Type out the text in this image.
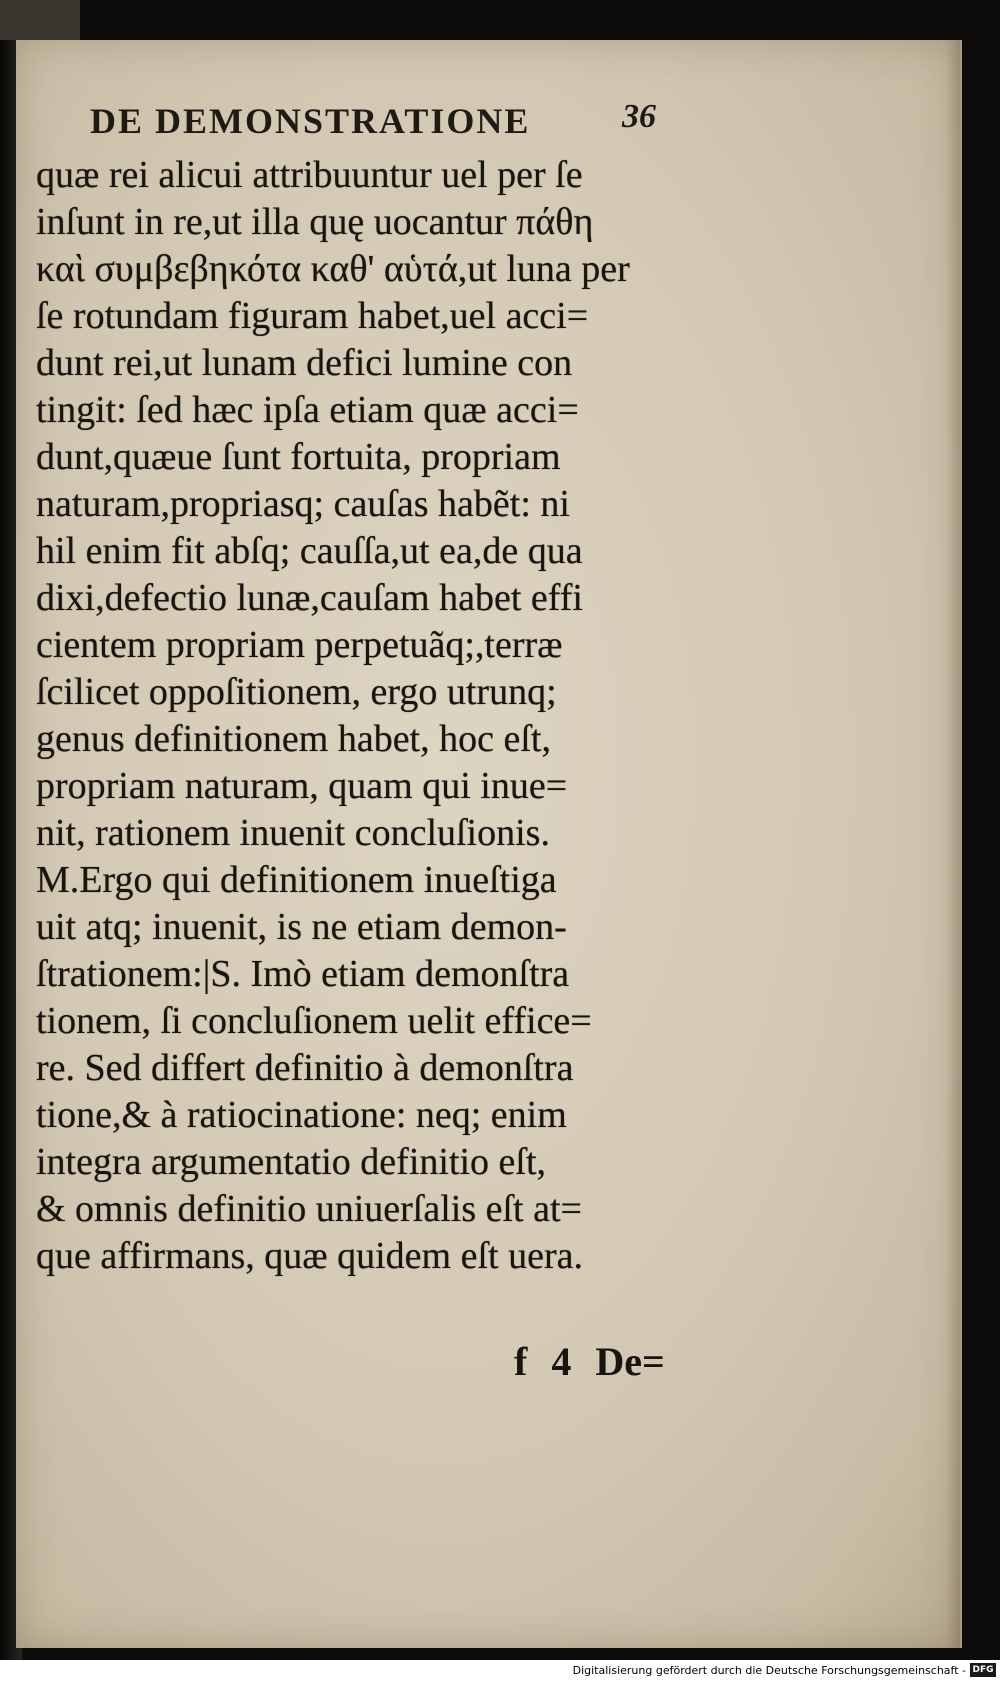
DE DEMONSTRATIONE	36
quæ rei alicui attribuuntur uel per ſe
inſunt in re,ut illa quę uocantur πάθη
καὶ συμβεβηκότα καθ' αὑτά,ut luna per
ſe rotundam figuram habet,uel acci=
dunt rei,ut lunam defici lumine con
tingit: ſed hæc ipſa etiam quæ acci=
dunt,quæue ſunt fortuita, propriam
naturam,propriasq; cauſas habẽt: ni
hil enim fit abſq; cauſſa,ut ea,de qua
dixi,defectio lunæ,cauſam habet effi
cientem propriam perpetuãq;,terræ
ſcilicet oppoſitionem, ergo utrunq;
genus definitionem habet, hoc eſt,
propriam naturam, quam qui inue=
nit, rationem inuenit concluſionis.
M.Ergo qui definitionem inueſtiga
uit atq; inuenit, is ne etiam demon-
ſtrationem:|S. Imò etiam demonſtra
tionem, ſi concluſionem uelit effice=
re. Sed differt definitio à demonſtra
tione,& à ratiocinatione: neq; enim
integra argumentatio definitio eſt,
& omnis definitio uniuerſalis eſt at=
que affirmans, quæ quidem eſt uera.
f 4 De=
Digitalisierung gefördert durch die Deutsche Forschungsgemeinschaft - DFG
